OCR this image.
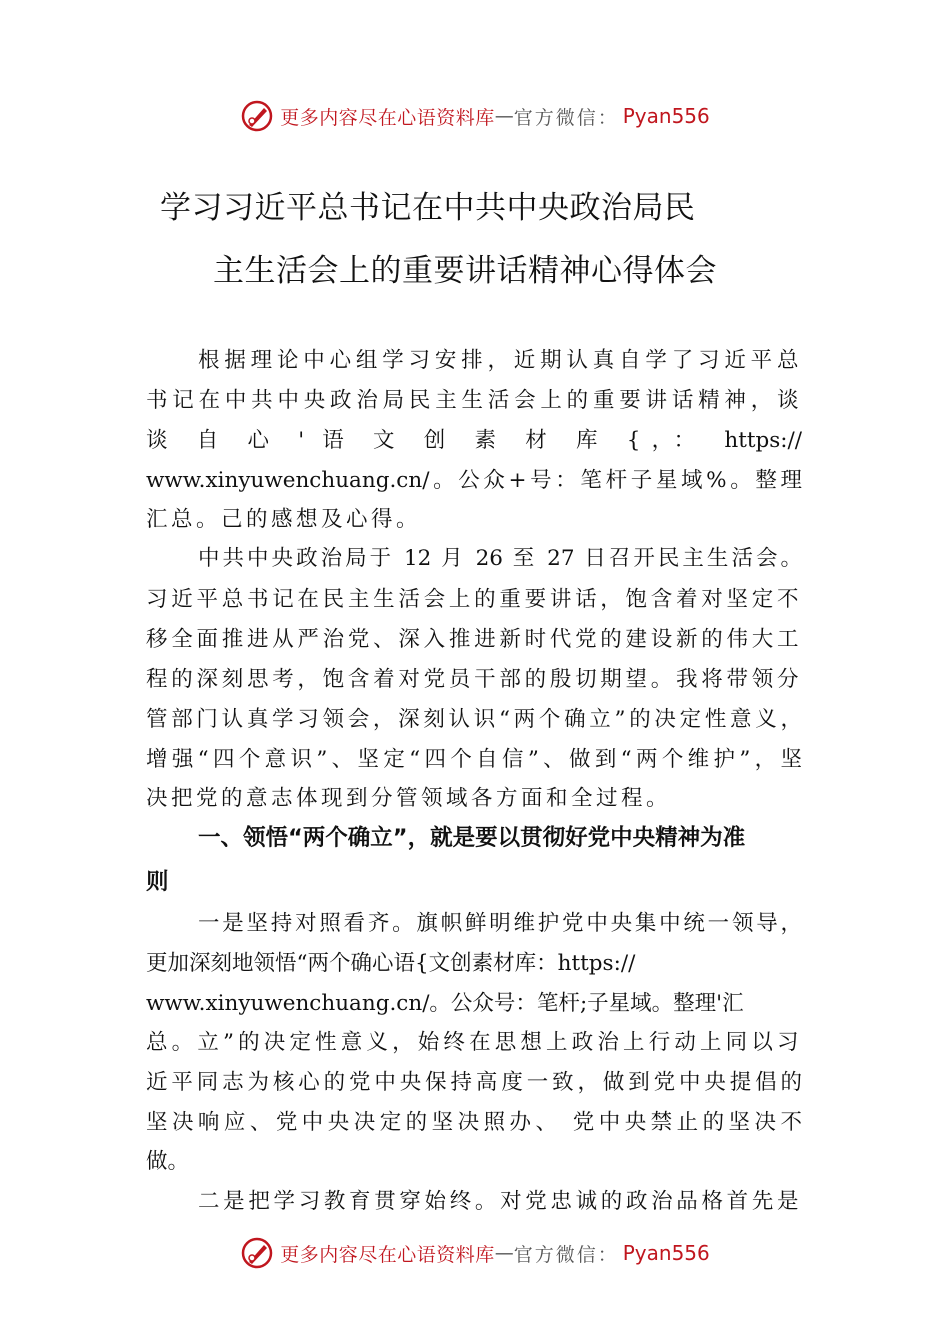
更多内容尽在心语资料库 — 官方微信： Pyan556
学习习近平总书记在中共中央政治局民
主生活会上的重要讲话精神心得体会
根据理论中心组学习安排，近期认真自学了习近平总
书记在中共中央政治局民主生活会上的重要讲话精神，谈
谈 自 心 ' 语 文 创 素 材 库 {，： https://
www.xinyuwenchuang.cn/。公众+号：笔杆子星域%。整理
汇总。己的感想及心得。
中共中央政治局于 12 月 26 至 27 日召开民主生活会。
习近平总书记在民主生活会上的重要讲话，饱含着对坚定不
移全面推进从严治党、深入推进新时代党的建设新的伟大工
程的深刻思考，饱含着对党员干部的殷切期望。我将带领分
管部门认真学习领会，深刻认识“两个确立”的决定性意义，
增强“四个意识”、坚定“四个自信”、做到“两个维护”，坚
决把党的意志体现到分管领域各方面和全过程。
一、领悟“两个确立”，就是要以贯彻好党中央精神为准
则
一是坚持对照看齐。旗帜鲜明维护党中央集中统一领导，
更加深刻地领悟“两个确心语{文创素材库：https://
www.xinyuwenchuang.cn/。公众号：笔杆;子星域。整理'汇
总。立”的决定性意义，始终在思想上政治上行动上同以习
近平同志为核心的党中央保持高度一致，做到党中央提倡的
坚决响应、党中央决定的坚决照办、 党中央禁止的坚决不
做。
二是把学习教育贯穿始终。对党忠诚的政治品格首先是
更多内容尽在心语资料库 — 官方微信： Pyan556
